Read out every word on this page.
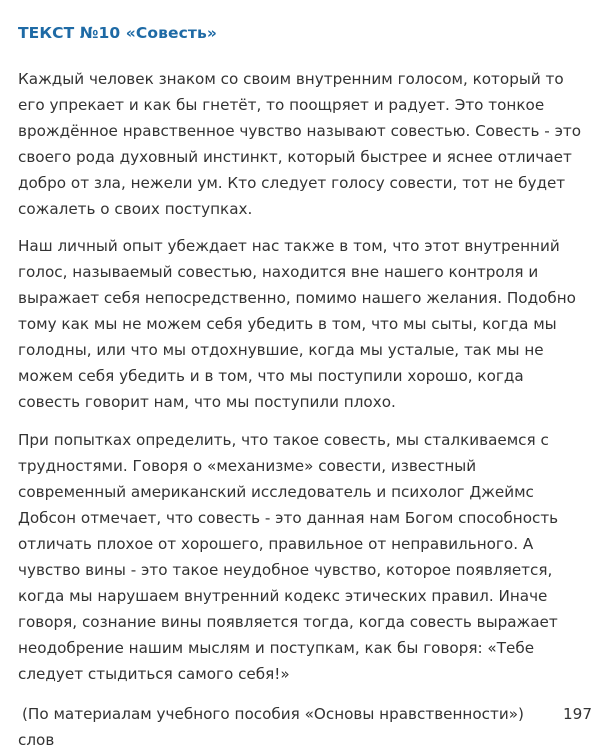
ТЕКСТ №10 «Совесть»

Каждый человек знаком со своим внутренним голосом, который то
его упрекает и как бы гнетёт, то поощряет и радует. Это тонкое
врождённое нравственное чувство называют совестью. Совесть - это
своего рода духовный инстинкт, который быстрее и яснее отличает
добро от зла, нежели ум. Кто следует голосу совести, тот не будет
сожалеть о своих поступках.

Наш личный опыт убеждает нас также в том, что этот внутренний
голос, называемый совестью, находится вне нашего контроля и
выражает себя непосредственно, помимо нашего желания. Подобно
тому как мы не можем себя убедить в том, что мы сыты, когда мы
голодны, или что мы отдохнувшие, когда мы усталые, так мы не
можем себя убедить и в том, что мы поступили хорошо, когда
совесть говорит нам, что мы поступили плохо.

При попытках определить, что такое совесть, мы сталкиваемся с
трудностями. Говоря о «механизме» совести, известный
современный американский исследователь и психолог Джеймс
Добсон отмечает, что совесть - это данная нам Богом способность
отличать плохое от хорошего, правильное от неправильного. А
чувство вины - это такое неудобное чувство, которое появляется,
когда мы нарушаем внутренний кодекс этических правил. Иначе
говоря, сознание вины появляется тогда, когда совесть выражает
неодобрение нашим мыслям и поступкам, как бы говоря: «Тебе
следует стыдиться самого себя!»

(По материалам учебного пособия «Основы нравственности»)	197
слов
